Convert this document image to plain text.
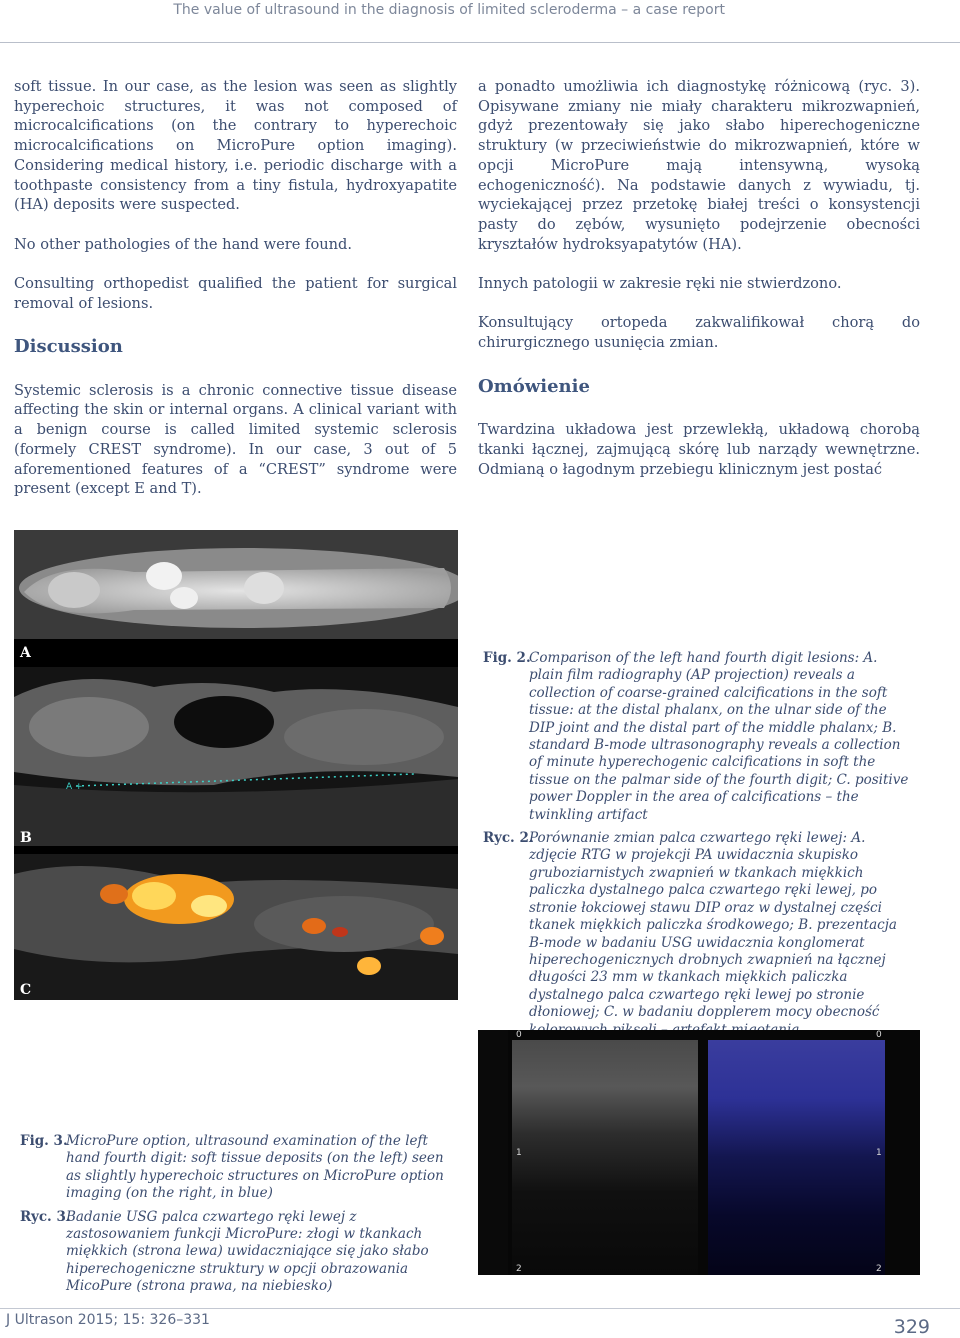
The value of ultrasound in the diagnosis of limited scleroderma – a case report

soft tissue. In our case, as the lesion was seen as slightly hyperechoic structures, it was not composed of microcalcifications (on the contrary to hyperechoic microcalcifications on MicroPure option imaging). Considering medical history, i.e. periodic discharge with a toothpaste consistency from a tiny fistula, hydroxyapatite (HA) deposits were suspected.

No other pathologies of the hand were found.

Consulting orthopedist qualified the patient for surgical removal of lesions.

Discussion

Systemic sclerosis is a chronic connective tissue disease affecting the skin or internal organs. A clinical variant with a benign course is called limited systemic sclerosis (formely CREST syndrome). In our case, 3 out of 5 aforementioned features of a “CREST” syndrome were present (except E and T).

a ponadto umożliwia ich diagnostykę różnicową (ryc. 3). Opisywane zmiany nie miały charakteru mikrozwapnień, gdyż prezentowały się jako słabo hiperechogeniczne struktury (w przeciwieństwie do mikrozwapnień, które w opcji MicroPure mają intensywną, wysoką echogeniczność). Na podstawie danych z wywiadu, tj. wyciekającej przez przetokę białej treści o konsystencji pasty do zębów, wysunięto podejrzenie obecności kryształów hydroksyapatytów (HA).

Innych patologii w zakresie ręki nie stwierdzono.

Konsultujący ortopeda zakwalifikował chorą do chirurgicznego usunięcia zmian.

Omówienie

Twardzina układowa jest przewlekłą, układową chorobą tkanki łącznej, zajmującą skórę lub narządy wewnętrzne. Odmianą o łagodnym przebiegu klinicznym jest postać

A
A +
B
C
Fig. 2.
Comparison of the left hand fourth digit lesions: A. plain film radiography (AP projection) reveals a collection of coarse-grained calcifications in the soft tissue: at the distal phalanx, on the ulnar side of the DIP joint and the distal part of the middle phalanx; B. standard B-mode ultrasonography reveals a collection of minute hyperechogenic calcifications in soft the tissue on the palmar side of the fourth digit; C. positive power Doppler in the area of calcifications – the twinkling artifact
Ryc. 2.
Porównanie zmian palca czwartego ręki lewej: A. zdjęcie RTG w projekcji PA uwidacznia skupisko gruboziarnistych zwapnień w tkankach miękkich paliczka dystalnego palca czwartego ręki lewej, po stronie łokciowej stawu DIP oraz w dystalnej części tkanek miękkich paliczka środkowego; B. prezentacja B-mode w badaniu USG uwidacznia konglomerat hiperechogenicznych drobnych zwapnień na łącznej długości 23 mm w tkankach miękkich paliczka dystalnego palca czwartego ręki lewej po stronie dłoniowej; C. w badaniu dopplerem mocy obecność
0
1
2
0
1
2
Fig. 3.
MicroPure option, ultrasound examination of the left hand fourth digit: soft tissue deposits (on the left) seen as slightly hyperechoic structures on MicroPure option imaging (on the right, in blue)
Ryc. 3.
Badanie USG palca czwartego ręki lewej z zastosowaniem funkcji MicroPure: złogi w tkankach miękkich (strona lewa) uwidaczniające się jako słabo hiperechogeniczne struktury w opcji obrazowania MicoPure (strona prawa, na niebiesko)
J Ultrason 2015; 15: 326–331	329
